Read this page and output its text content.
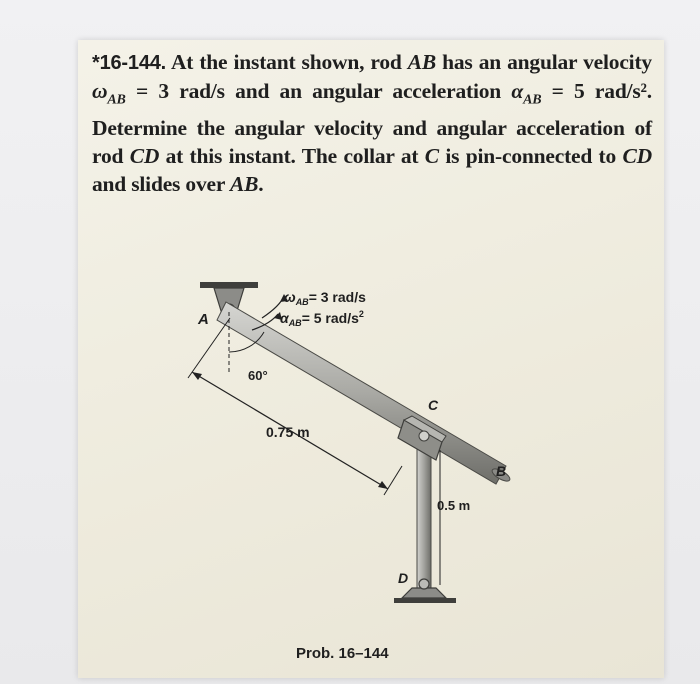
*16-144. At the instant shown, rod AB has an angular velocity $\omega_{AB} = 3$ rad/s and an angular acceleration $\alpha_{AB} = 5$ rad/s². Determine the angular velocity and angular acceleration of rod CD at this instant. The collar at C is pin-connected to CD and slides over AB.
A
B
C
D
$\omega_{AB}= 3$ rad/s
$\alpha_{AB}= 5$ rad/$s^2$
60°
0.75 m
0.5 m
Prob. 16–144
